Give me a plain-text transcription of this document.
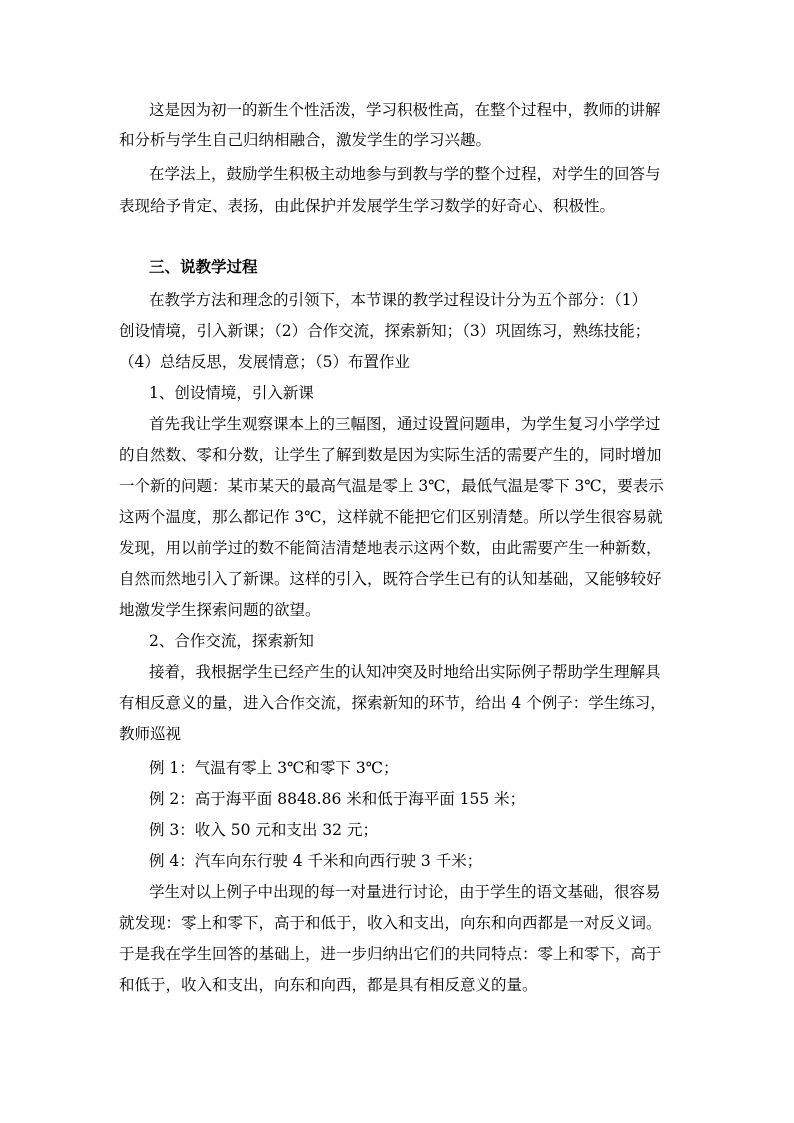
这是因为初一的新生个性活泼，学习积极性高，在整个过程中，教师的讲解
和分析与学生自己归纳相融合，激发学生的学习兴趣。
在学法上，鼓励学生积极主动地参与到教与学的整个过程，对学生的回答与
表现给予肯定、表扬，由此保护并发展学生学习数学的好奇心、积极性。
三、说教学过程
在教学方法和理念的引领下，本节课的教学过程设计分为五个部分：（1）
创设情境，引入新课；（2）合作交流，探索新知；（3）巩固练习，熟练技能；
（4）总结反思，发展情意；（5）布置作业
1、创设情境，引入新课
首先我让学生观察课本上的三幅图，通过设置问题串，为学生复习小学学过
的自然数、零和分数，让学生了解到数是因为实际生活的需要产生的，同时增加
一个新的问题：某市某天的最高气温是零上 3℃，最低气温是零下 3℃，要表示
这两个温度，那么都记作 3℃，这样就不能把它们区别清楚。所以学生很容易就
发现，用以前学过的数不能简洁清楚地表示这两个数，由此需要产生一种新数，
自然而然地引入了新课。这样的引入，既符合学生已有的认知基础，又能够较好
地激发学生探索问题的欲望。
2、合作交流，探索新知
接着，我根据学生已经产生的认知冲突及时地给出实际例子帮助学生理解具
有相反意义的量，进入合作交流，探索新知的环节，给出 4 个例子：学生练习，
教师巡视
例 1：气温有零上 3℃和零下 3℃；
例 2：高于海平面 8848.86 米和低于海平面 155 米；
例 3：收入 50 元和支出 32 元；
例 4：汽车向东行驶 4 千米和向西行驶 3 千米；
学生对以上例子中出现的每一对量进行讨论，由于学生的语文基础，很容易
就发现：零上和零下，高于和低于，收入和支出，向东和向西都是一对反义词。
于是我在学生回答的基础上，进一步归纳出它们的共同特点：零上和零下，高于
和低于，收入和支出，向东和向西，都是具有相反意义的量。
